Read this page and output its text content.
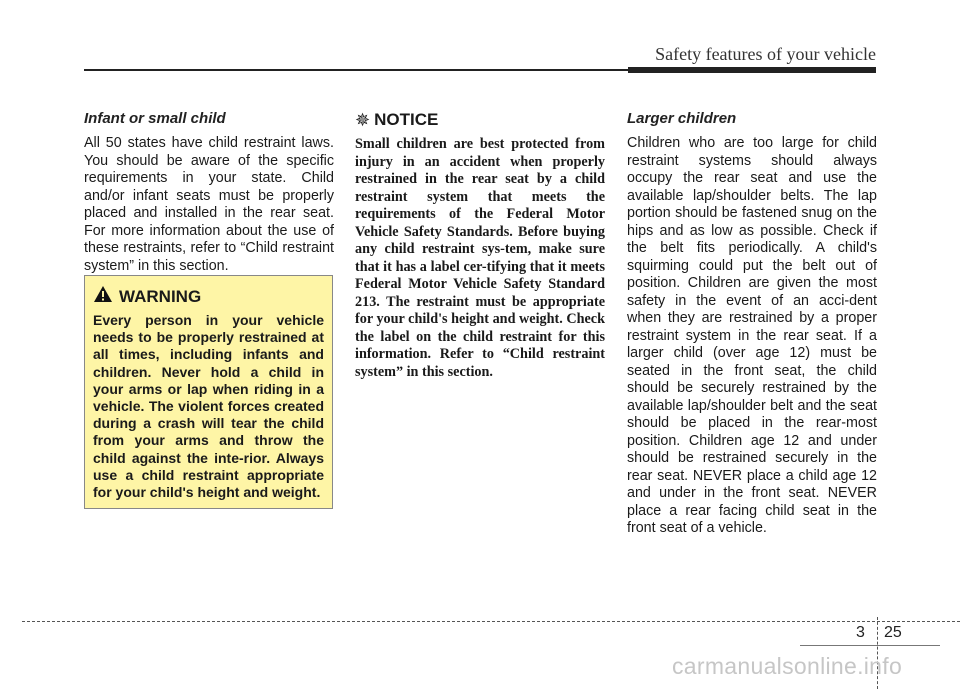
Safety features of your vehicle
Infant or small child

All 50 states have child restraint laws. You should be aware of the specific requirements in your state. Child and/or infant seats must be properly placed and installed in the rear seat. For more information about the use of these restraints, refer to “Child restraint system” in this section.

WARNING

Every person in your vehicle needs to be properly restrained at all times, including infants and children. Never hold a child in your arms or lap when riding in a vehicle. The violent forces created during a crash will tear the child from your arms and throw the child against the inte-rior. Always use a child restraint appropriate for your child's height and weight.

✵ NOTICE

Small children are best protected from injury in an accident when properly restrained in the rear seat by a child restraint system that meets the requirements of the Federal Motor Vehicle Safety Standards. Before buying any child restraint sys-tem, make sure that it has a label cer-tifying that it meets Federal Motor Vehicle Safety Standard 213. The restraint must be appropriate for your child's height and weight. Check the label on the child restraint for this information. Refer to “Child restraint system” in this section.

Larger children

Children who are too large for child restraint systems should always occupy the rear seat and use the available lap/shoulder belts. The lap portion should be fastened snug on the hips and as low as possible. Check if the belt fits periodically. A child's squirming could put the belt out of position. Children are given the most safety in the event of an acci-dent when they are restrained by a proper restraint system in the rear seat. If a larger child (over age 12) must be seated in the front seat, the child should be securely restrained by the available lap/shoulder belt and the seat should be placed in the rear-most position. Children age 12 and under should be restrained securely in the rear seat. NEVER place a child age 12 and under in the front seat. NEVER place a rear facing child seat in the front seat of a vehicle.

3 25
carmanualsonline.info
